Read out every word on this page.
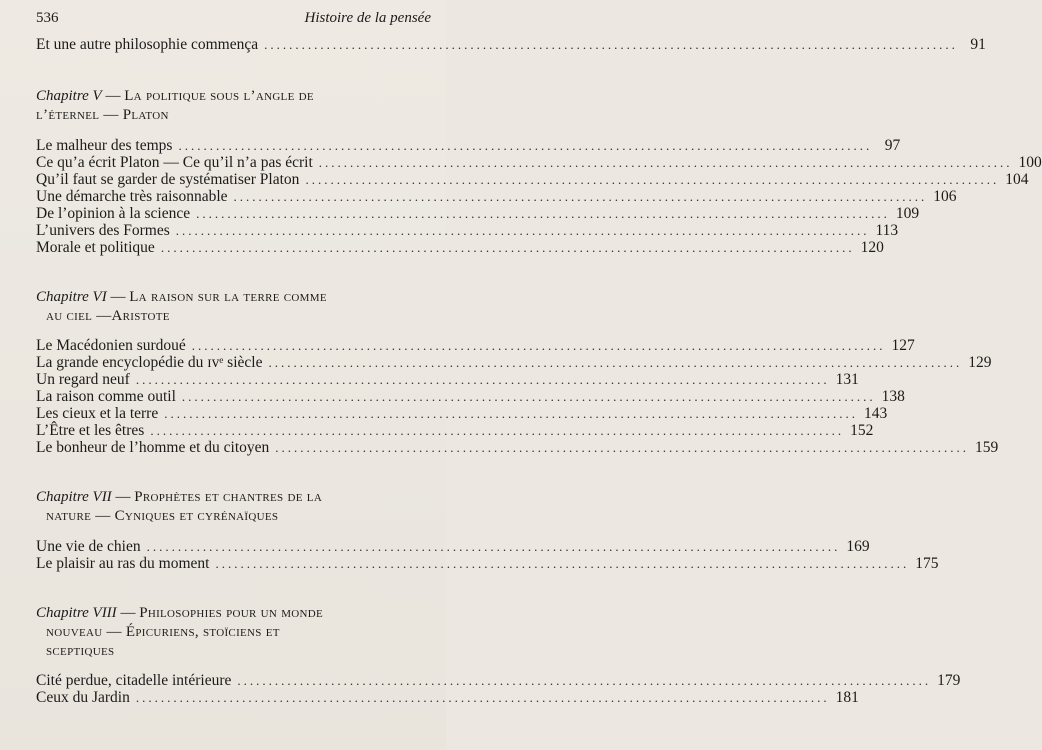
536	Histoire de la pensée
Et une autre philosophie commença ............................................................................................................... 91
Chapitre V — La politique sous l’angle de
l’éternel — Platon
Le malheur des temps ............................................................................................................... 97
Ce qu’a écrit Platon — Ce qu’il n’a pas écrit ............................................................................................................... 100
Qu’il faut se garder de systématiser Platon ............................................................................................................... 104
Une démarche très raisonnable ............................................................................................................... 106
De l’opinion à la science ............................................................................................................... 109
L’univers des Formes ............................................................................................................... 113
Morale et politique ............................................................................................................... 120
Chapitre VI — La raison sur la terre comme
au ciel —Aristote
Le Macédonien surdoué ............................................................................................................... 127
La grande encyclopédie du ɪᴠᵉ siècle ............................................................................................................... 129
Un regard neuf ............................................................................................................... 131
La raison comme outil ............................................................................................................... 138
Les cieux et la terre ............................................................................................................... 143
L’Être et les êtres ............................................................................................................... 152
Le bonheur de l’homme et du citoyen ............................................................................................................... 159
Chapitre VII — Prophètes et chantres de la
nature — Cyniques et cyrénaïques
Une vie de chien ............................................................................................................... 169
Le plaisir au ras du moment ............................................................................................................... 175
Chapitre VIII — Philosophies pour un monde
nouveau — Épicuriens, stoïciens et
sceptiques
Cité perdue, citadelle intérieure ............................................................................................................... 179
Ceux du Jardin ............................................................................................................... 181
